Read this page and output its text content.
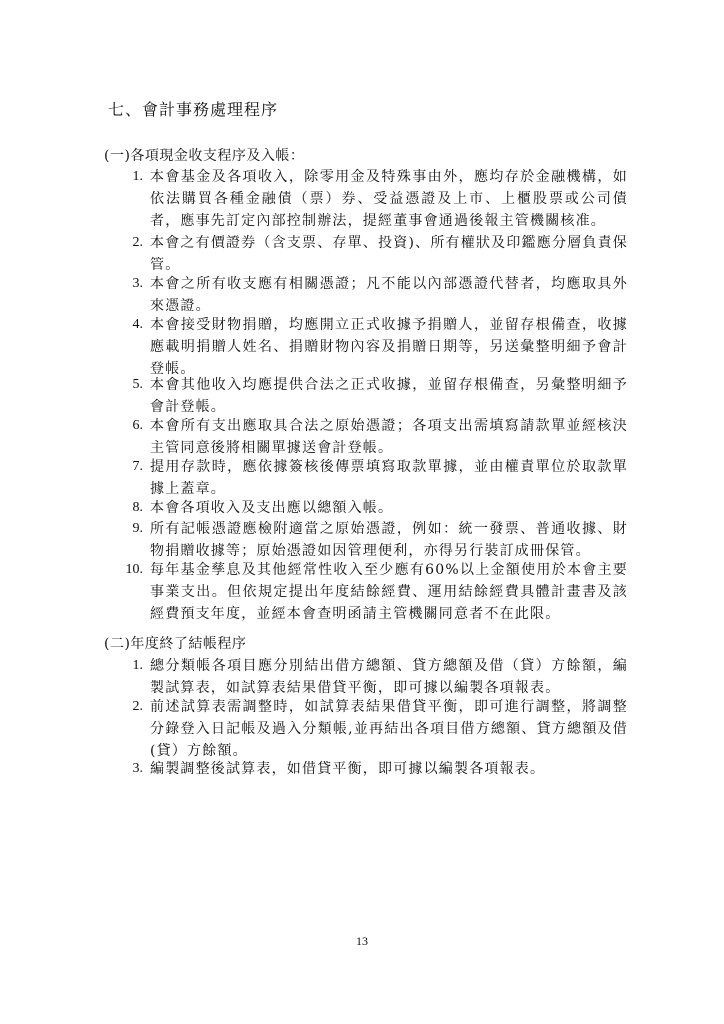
七、會計事務處理程序
(一)各項現金收支程序及入帳：
1. 本會基金及各項收入，除零用金及特殊事由外，應均存於金融機構，如依法購買各種金融債（票）券、受益憑證及上市、上櫃股票或公司債者，應事先訂定內部控制辦法，提經董事會通過後報主管機關核准。
2. 本會之有價證券（含支票、存單、投資)、所有權狀及印鑑應分層負責保管。
3. 本會之所有收支應有相關憑證；凡不能以內部憑證代替者，均應取具外來憑證。
4. 本會接受財物捐贈，均應開立正式收據予捐贈人，並留存根備查，收據應載明捐贈人姓名、捐贈財物內容及捐贈日期等，另送彙整明細予會計登帳。
5. 本會其他收入均應提供合法之正式收據，並留存根備查，另彙整明細予會計登帳。
6. 本會所有支出應取具合法之原始憑證；各項支出需填寫請款單並經核決主管同意後將相關單據送會計登帳。
7. 提用存款時，應依據簽核後傳票填寫取款單據，並由權責單位於取款單據上蓋章。
8. 本會各項收入及支出應以總額入帳。
9. 所有記帳憑證應檢附適當之原始憑證，例如：統一發票、普通收據、財物捐贈收據等；原始憑證如因管理便利，亦得另行裝訂成冊保管。
10. 每年基金孳息及其他經常性收入至少應有60%以上金額使用於本會主要事業支出。但依規定提出年度結餘經費、運用結餘經費具體計畫書及該經費預支年度，並經本會查明函請主管機關同意者不在此限。
(二)年度終了結帳程序
1. 總分類帳各項目應分別結出借方總額、貸方總額及借（貸）方餘額，編製試算表，如試算表結果借貸平衡，即可據以編製各項報表。
2. 前述試算表需調整時，如試算表結果借貸平衡，即可進行調整，將調整分錄登入日記帳及過入分類帳,並再結出各項目借方總額、貸方總額及借(貸）方餘額。
3. 編製調整後試算表，如借貸平衡，即可據以編製各項報表。
13
